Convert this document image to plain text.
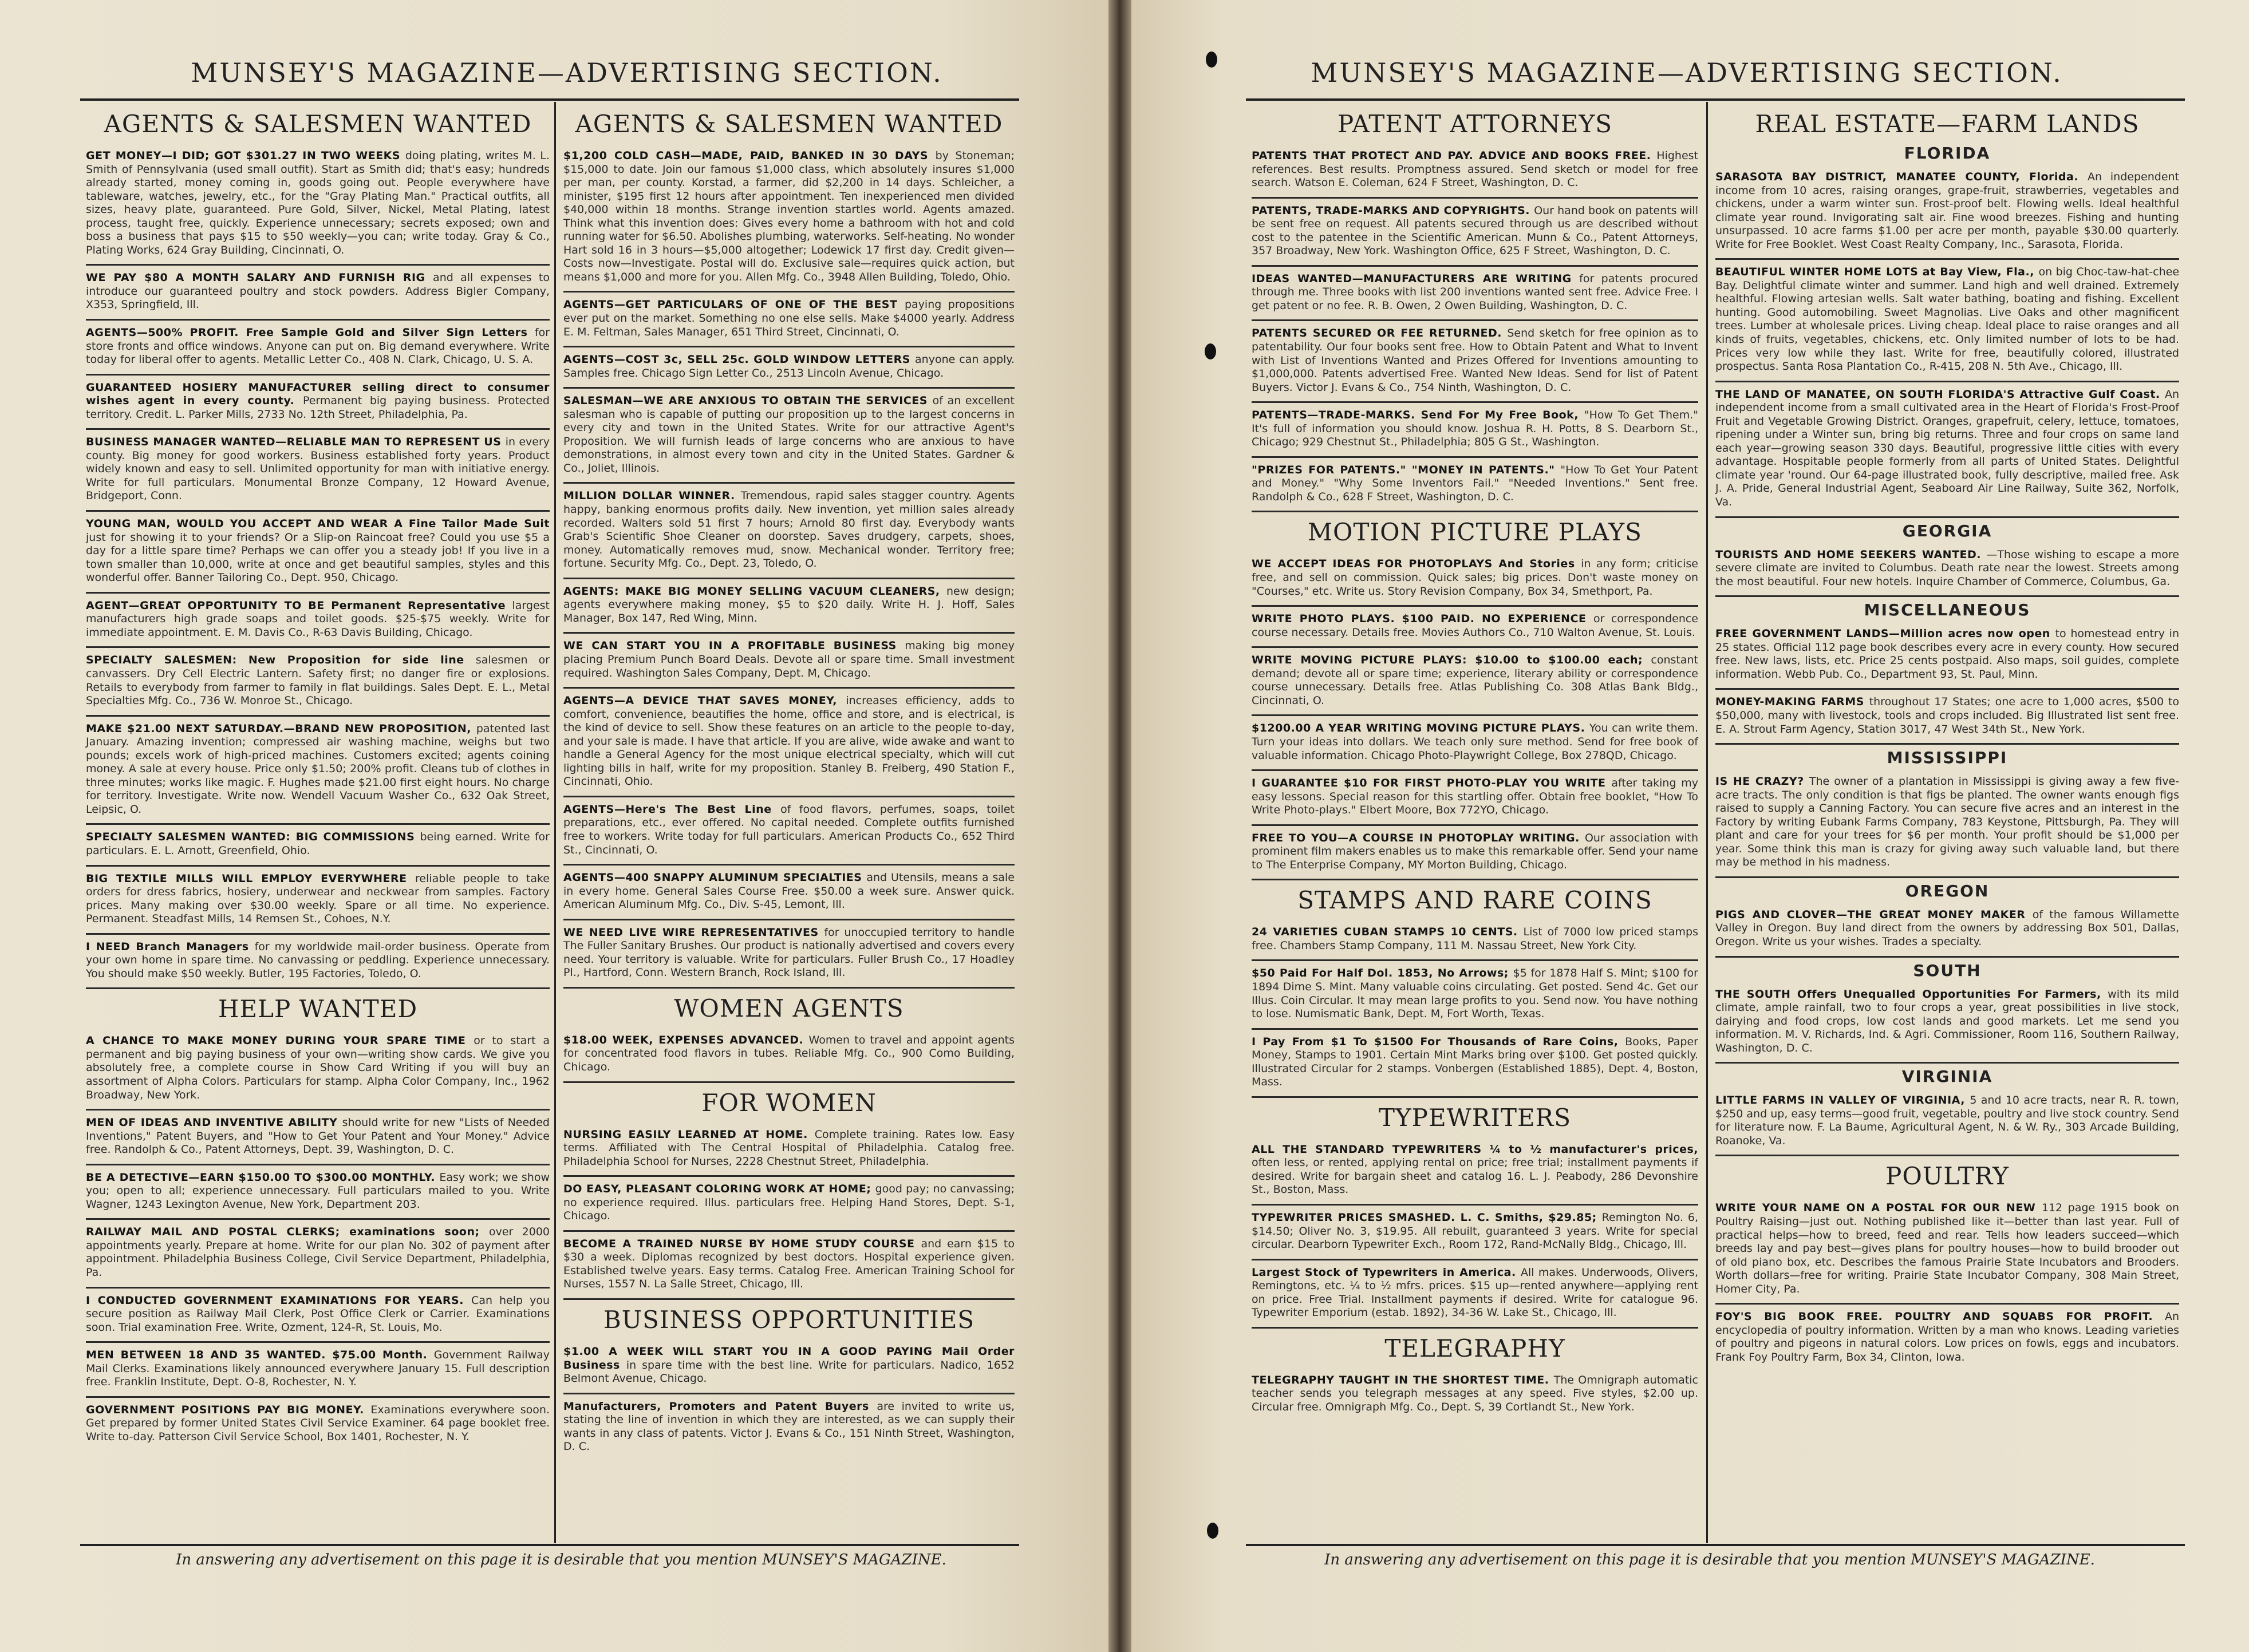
MUNSEY'S MAGAZINE—ADVERTISING SECTION.
AGENTS & SALESMEN WANTED
GET MONEY—I DID; GOT $301.27 IN TWO WEEKS doing plating, writes M. L. Smith of Pennsylvania (used small outfit). Start as Smith did; that's easy; hundreds already started, money coming in, goods going out. People everywhere have tableware, watches, jewelry, etc., for the "Gray Plating Man." Practical outfits, all sizes, heavy plate, guaranteed. Pure Gold, Silver, Nickel, Metal Plating, latest process, taught free, quickly. Experience unnecessary; secrets exposed; own and boss a business that pays $15 to $50 weekly—you can; write today. Gray & Co., Plating Works, 624 Gray Building, Cincinnati, O.
WE PAY $80 A MONTH SALARY AND FURNISH RIG and all expenses to introduce our guaranteed poultry and stock powders. Address Bigler Company, X353, Springfield, Ill.
AGENTS—500% PROFIT. Free Sample Gold and Silver Sign Letters for store fronts and office windows. Anyone can put on. Big demand everywhere. Write today for liberal offer to agents. Metallic Letter Co., 408 N. Clark, Chicago, U. S. A.
GUARANTEED HOSIERY MANUFACTURER selling direct to consumer wishes agent in every county. Permanent big paying business. Protected territory. Credit. L. Parker Mills, 2733 No. 12th Street, Philadelphia, Pa.
BUSINESS MANAGER WANTED—RELIABLE MAN TO REPRESENT US in every county. Big money for good workers. Business established forty years. Product widely known and easy to sell. Unlimited opportunity for man with initiative energy. Write for full particulars. Monumental Bronze Company, 12 Howard Avenue, Bridgeport, Conn.
YOUNG MAN, WOULD YOU ACCEPT AND WEAR A Fine Tailor Made Suit just for showing it to your friends? Or a Slip-on Raincoat free? Could you use $5 a day for a little spare time? Perhaps we can offer you a steady job! If you live in a town smaller than 10,000, write at once and get beautiful samples, styles and this wonderful offer. Banner Tailoring Co., Dept. 950, Chicago.
AGENT—GREAT OPPORTUNITY TO BE Permanent Representative largest manufacturers high grade soaps and toilet goods. $25-$75 weekly. Write for immediate appointment. E. M. Davis Co., R-63 Davis Building, Chicago.
SPECIALTY SALESMEN: New Proposition for side line salesmen or canvassers. Dry Cell Electric Lantern. Safety first; no danger fire or explosions. Retails to everybody from farmer to family in flat buildings. Sales Dept. E. L., Metal Specialties Mfg. Co., 736 W. Monroe St., Chicago.
MAKE $21.00 NEXT SATURDAY.—BRAND NEW PROPOSITION, patented last January. Amazing invention; compressed air washing machine, weighs but two pounds; excels work of high-priced machines. Customers excited; agents coining money. A sale at every house. Price only $1.50; 200% profit. Cleans tub of clothes in three minutes; works like magic. F. Hughes made $21.00 first eight hours. No charge for territory. Investigate. Write now. Wendell Vacuum Washer Co., 632 Oak Street, Leipsic, O.
SPECIALTY SALESMEN WANTED: BIG COMMISSIONS being earned. Write for particulars. E. L. Arnott, Greenfield, Ohio.
BIG TEXTILE MILLS WILL EMPLOY EVERYWHERE reliable people to take orders for dress fabrics, hosiery, underwear and neckwear from samples. Factory prices. Many making over $30.00 weekly. Spare or all time. No experience. Permanent. Steadfast Mills, 14 Remsen St., Cohoes, N.Y.
I NEED Branch Managers for my worldwide mail-order business. Operate from your own home in spare time. No canvassing or peddling. Experience unnecessary. You should make $50 weekly. Butler, 195 Factories, Toledo, O.
HELP WANTED
A CHANCE TO MAKE MONEY DURING YOUR SPARE TIME or to start a permanent and big paying business of your own—writing show cards. We give you absolutely free, a complete course in Show Card Writing if you will buy an assortment of Alpha Colors. Particulars for stamp. Alpha Color Company, Inc., 1962 Broadway, New York.
MEN OF IDEAS AND INVENTIVE ABILITY should write for new "Lists of Needed Inventions," Patent Buyers, and "How to Get Your Patent and Your Money." Advice free. Randolph & Co., Patent Attorneys, Dept. 39, Washington, D. C.
BE A DETECTIVE—EARN $150.00 TO $300.00 MONTHLY. Easy work; we show you; open to all; experience unnecessary. Full particulars mailed to you. Write Wagner, 1243 Lexington Avenue, New York, Department 203.
RAILWAY MAIL AND POSTAL CLERKS; examinations soon; over 2000 appointments yearly. Prepare at home. Write for our plan No. 302 of payment after appointment. Philadelphia Business College, Civil Service Department, Philadelphia, Pa.
I CONDUCTED GOVERNMENT EXAMINATIONS FOR YEARS. Can help you secure position as Railway Mail Clerk, Post Office Clerk or Carrier. Examinations soon. Trial examination Free. Write, Ozment, 124-R, St. Louis, Mo.
MEN BETWEEN 18 AND 35 WANTED. $75.00 Month. Government Railway Mail Clerks. Examinations likely announced everywhere January 15. Full description free. Franklin Institute, Dept. O-8, Rochester, N. Y.
GOVERNMENT POSITIONS PAY BIG MONEY. Examinations everywhere soon. Get prepared by former United States Civil Service Examiner. 64 page booklet free. Write to-day. Patterson Civil Service School, Box 1401, Rochester, N. Y.
AGENTS & SALESMEN WANTED
$1,200 COLD CASH—MADE, PAID, BANKED IN 30 DAYS by Stoneman; $15,000 to date. Join our famous $1,000 class, which absolutely insures $1,000 per man, per county. Korstad, a farmer, did $2,200 in 14 days. Schleicher, a minister, $195 first 12 hours after appointment. Ten inexperienced men divided $40,000 within 18 months. Strange invention startles world. Agents amazed. Think what this invention does: Gives every home a bathroom with hot and cold running water for $6.50. Abolishes plumbing, waterworks. Self-heating. No wonder Hart sold 16 in 3 hours—$5,000 altogether; Lodewick 17 first day. Credit given—Costs now—Investigate. Postal will do. Exclusive sale—requires quick action, but means $1,000 and more for you. Allen Mfg. Co., 3948 Allen Building, Toledo, Ohio.
AGENTS—GET PARTICULARS OF ONE OF THE BEST paying propositions ever put on the market. Something no one else sells. Make $4000 yearly. Address E. M. Feltman, Sales Manager, 651 Third Street, Cincinnati, O.
AGENTS—COST 3c, SELL 25c. GOLD WINDOW LETTERS anyone can apply. Samples free. Chicago Sign Letter Co., 2513 Lincoln Avenue, Chicago.
SALESMAN—WE ARE ANXIOUS TO OBTAIN THE SERVICES of an excellent salesman who is capable of putting our proposition up to the largest concerns in every city and town in the United States. Write for our attractive Agent's Proposition. We will furnish leads of large concerns who are anxious to have demonstrations, in almost every town and city in the United States. Gardner & Co., Joliet, Illinois.
MILLION DOLLAR WINNER. Tremendous, rapid sales stagger country. Agents happy, banking enormous profits daily. New invention, yet million sales already recorded. Walters sold 51 first 7 hours; Arnold 80 first day. Everybody wants Grab's Scientific Shoe Cleaner on doorstep. Saves drudgery, carpets, shoes, money. Automatically removes mud, snow. Mechanical wonder. Territory free; fortune. Security Mfg. Co., Dept. 23, Toledo, O.
AGENTS: MAKE BIG MONEY SELLING VACUUM CLEANERS, new design; agents everywhere making money, $5 to $20 daily. Write H. J. Hoff, Sales Manager, Box 147, Red Wing, Minn.
WE CAN START YOU IN A PROFITABLE BUSINESS making big money placing Premium Punch Board Deals. Devote all or spare time. Small investment required. Washington Sales Company, Dept. M, Chicago.
AGENTS—A DEVICE THAT SAVES MONEY, increases efficiency, adds to comfort, convenience, beautifies the home, office and store, and is electrical, is the kind of device to sell. Show these features on an article to the people to-day, and your sale is made. I have that article. If you are alive, wide awake and want to handle a General Agency for the most unique electrical specialty, which will cut lighting bills in half, write for my proposition. Stanley B. Freiberg, 490 Station F., Cincinnati, Ohio.
AGENTS—Here's The Best Line of food flavors, perfumes, soaps, toilet preparations, etc., ever offered. No capital needed. Complete outfits furnished free to workers. Write today for full particulars. American Products Co., 652 Third St., Cincinnati, O.
AGENTS—400 SNAPPY ALUMINUM SPECIALTIES and Utensils, means a sale in every home. General Sales Course Free. $50.00 a week sure. Answer quick. American Aluminum Mfg. Co., Div. S-45, Lemont, Ill.
WE NEED LIVE WIRE REPRESENTATIVES for unoccupied territory to handle The Fuller Sanitary Brushes. Our product is nationally advertised and covers every need. Your territory is valuable. Write for particulars. Fuller Brush Co., 17 Hoadley Pl., Hartford, Conn. Western Branch, Rock Island, Ill.
WOMEN AGENTS
$18.00 WEEK, EXPENSES ADVANCED. Women to travel and appoint agents for concentrated food flavors in tubes. Reliable Mfg. Co., 900 Como Building, Chicago.
FOR WOMEN
NURSING EASILY LEARNED AT HOME. Complete training. Rates low. Easy terms. Affiliated with The Central Hospital of Philadelphia. Catalog free. Philadelphia School for Nurses, 2228 Chestnut Street, Philadelphia.
DO EASY, PLEASANT COLORING WORK AT HOME; good pay; no canvassing; no experience required. Illus. particulars free. Helping Hand Stores, Dept. S-1, Chicago.
BECOME A TRAINED NURSE BY HOME STUDY COURSE and earn $15 to $30 a week. Diplomas recognized by best doctors. Hospital experience given. Established twelve years. Easy terms. Catalog Free. American Training School for Nurses, 1557 N. La Salle Street, Chicago, Ill.
BUSINESS OPPORTUNITIES
$1.00 A WEEK WILL START YOU IN A GOOD PAYING Mail Order Business in spare time with the best line. Write for particulars. Nadico, 1652 Belmont Avenue, Chicago.
Manufacturers, Promoters and Patent Buyers are invited to write us, stating the line of invention in which they are interested, as we can supply their wants in any class of patents. Victor J. Evans & Co., 151 Ninth Street, Washington, D. C.
In answering any advertisement on this page it is desirable that you mention MUNSEY'S MAGAZINE.
MUNSEY'S MAGAZINE—ADVERTISING SECTION.
PATENT ATTORNEYS
PATENTS THAT PROTECT AND PAY. ADVICE AND BOOKS FREE. Highest references. Best results. Promptness assured. Send sketch or model for free search. Watson E. Coleman, 624 F Street, Washington, D. C.
PATENTS, TRADE-MARKS AND COPYRIGHTS. Our hand book on patents will be sent free on request. All patents secured through us are described without cost to the patentee in the Scientific American. Munn & Co., Patent Attorneys, 357 Broadway, New York. Washington Office, 625 F Street, Washington, D. C.
IDEAS WANTED—MANUFACTURERS ARE WRITING for patents procured through me. Three books with list 200 inventions wanted sent free. Advice Free. I get patent or no fee. R. B. Owen, 2 Owen Building, Washington, D. C.
PATENTS SECURED OR FEE RETURNED. Send sketch for free opinion as to patentability. Our four books sent free. How to Obtain Patent and What to Invent with List of Inventions Wanted and Prizes Offered for Inventions amounting to $1,000,000. Patents advertised Free. Wanted New Ideas. Send for list of Patent Buyers. Victor J. Evans & Co., 754 Ninth, Washington, D. C.
PATENTS—TRADE-MARKS. Send For My Free Book, "How To Get Them." It's full of information you should know. Joshua R. H. Potts, 8 S. Dearborn St., Chicago; 929 Chestnut St., Philadelphia; 805 G St., Washington.
"PRIZES FOR PATENTS." "MONEY IN PATENTS." "How To Get Your Patent and Money." "Why Some Inventors Fail." "Needed Inventions." Sent free. Randolph & Co., 628 F Street, Washington, D. C.
MOTION PICTURE PLAYS
WE ACCEPT IDEAS FOR PHOTOPLAYS And Stories in any form; criticise free, and sell on commission. Quick sales; big prices. Don't waste money on "Courses," etc. Write us. Story Revision Company, Box 34, Smethport, Pa.
WRITE PHOTO PLAYS. $100 PAID. NO EXPERIENCE or correspondence course necessary. Details free. Movies Authors Co., 710 Walton Avenue, St. Louis.
WRITE MOVING PICTURE PLAYS: $10.00 to $100.00 each; constant demand; devote all or spare time; experience, literary ability or correspondence course unnecessary. Details free. Atlas Publishing Co. 308 Atlas Bank Bldg., Cincinnati, O.
$1200.00 A YEAR WRITING MOVING PICTURE PLAYS. You can write them. Turn your ideas into dollars. We teach only sure method. Send for free book of valuable information. Chicago Photo-Playwright College, Box 278QD, Chicago.
I GUARANTEE $10 FOR FIRST PHOTO-PLAY YOU WRITE after taking my easy lessons. Special reason for this startling offer. Obtain free booklet, "How To Write Photo-plays." Elbert Moore, Box 772YO, Chicago.
FREE TO YOU—A COURSE IN PHOTOPLAY WRITING. Our association with prominent film makers enables us to make this remarkable offer. Send your name to The Enterprise Company, MY Morton Building, Chicago.
STAMPS AND RARE COINS
24 VARIETIES CUBAN STAMPS 10 CENTS. List of 7000 low priced stamps free. Chambers Stamp Company, 111 M. Nassau Street, New York City.
$50 Paid For Half Dol. 1853, No Arrows; $5 for 1878 Half S. Mint; $100 for 1894 Dime S. Mint. Many valuable coins circulating. Get posted. Send 4c. Get our Illus. Coin Circular. It may mean large profits to you. Send now. You have nothing to lose. Numismatic Bank, Dept. M, Fort Worth, Texas.
I Pay From $1 To $1500 For Thousands of Rare Coins, Books, Paper Money, Stamps to 1901. Certain Mint Marks bring over $100. Get posted quickly. Illustrated Circular for 2 stamps. Vonbergen (Established 1885), Dept. 4, Boston, Mass.
TYPEWRITERS
ALL THE STANDARD TYPEWRITERS ¼ to ½ manufacturer's prices, often less, or rented, applying rental on price; free trial; installment payments if desired. Write for bargain sheet and catalog 16. L. J. Peabody, 286 Devonshire St., Boston, Mass.
TYPEWRITER PRICES SMASHED. L. C. Smiths, $29.85; Remington No. 6, $14.50; Oliver No. 3, $19.95. All rebuilt, guaranteed 3 years. Write for special circular. Dearborn Typewriter Exch., Room 172, Rand-McNally Bldg., Chicago, Ill.
Largest Stock of Typewriters in America. All makes. Underwoods, Olivers, Remingtons, etc. ¼ to ½ mfrs. prices. $15 up—rented anywhere—applying rent on price. Free Trial. Installment payments if desired. Write for catalogue 96. Typewriter Emporium (estab. 1892), 34-36 W. Lake St., Chicago, Ill.
TELEGRAPHY
TELEGRAPHY TAUGHT IN THE SHORTEST TIME. The Omnigraph automatic teacher sends you telegraph messages at any speed. Five styles, $2.00 up. Circular free. Omnigraph Mfg. Co., Dept. S, 39 Cortlandt St., New York.
REAL ESTATE—FARM LANDS
FLORIDA
SARASOTA BAY DISTRICT, MANATEE COUNTY, Florida. An independent income from 10 acres, raising oranges, grape-fruit, strawberries, vegetables and chickens, under a warm winter sun. Frost-proof belt. Flowing wells. Ideal healthful climate year round. Invigorating salt air. Fine wood breezes. Fishing and hunting unsurpassed. 10 acre farms $1.00 per acre per month, payable $30.00 quarterly. Write for Free Booklet. West Coast Realty Company, Inc., Sarasota, Florida.
BEAUTIFUL WINTER HOME LOTS at Bay View, Fla., on big Choc-taw-hat-chee Bay. Delightful climate winter and summer. Land high and well drained. Extremely healthful. Flowing artesian wells. Salt water bathing, boating and fishing. Excellent hunting. Good automobiling. Sweet Magnolias. Live Oaks and other magnificent trees. Lumber at wholesale prices. Living cheap. Ideal place to raise oranges and all kinds of fruits, vegetables, chickens, etc. Only limited number of lots to be had. Prices very low while they last. Write for free, beautifully colored, illustrated prospectus. Santa Rosa Plantation Co., R-415, 208 N. 5th Ave., Chicago, Ill.
THE LAND OF MANATEE, ON SOUTH FLORIDA'S Attractive Gulf Coast. An independent income from a small cultivated area in the Heart of Florida's Frost-Proof Fruit and Vegetable Growing District. Oranges, grapefruit, celery, lettuce, tomatoes, ripening under a Winter sun, bring big returns. Three and four crops on same land each year—growing season 330 days. Beautiful, progressive little cities with every advantage. Hospitable people formerly from all parts of United States. Delightful climate year 'round. Our 64-page illustrated book, fully descriptive, mailed free. Ask J. A. Pride, General Industrial Agent, Seaboard Air Line Railway, Suite 362, Norfolk, Va.
GEORGIA
TOURISTS AND HOME SEEKERS WANTED. —Those wishing to escape a more severe climate are invited to Columbus. Death rate near the lowest. Streets among the most beautiful. Four new hotels. Inquire Chamber of Commerce, Columbus, Ga.
MISCELLANEOUS
FREE GOVERNMENT LANDS—Million acres now open to homestead entry in 25 states. Official 112 page book describes every acre in every county. How secured free. New laws, lists, etc. Price 25 cents postpaid. Also maps, soil guides, complete information. Webb Pub. Co., Department 93, St. Paul, Minn.
MONEY-MAKING FARMS throughout 17 States; one acre to 1,000 acres, $500 to $50,000, many with livestock, tools and crops included. Big Illustrated list sent free. E. A. Strout Farm Agency, Station 3017, 47 West 34th St., New York.
MISSISSIPPI
IS HE CRAZY? The owner of a plantation in Mississippi is giving away a few five-acre tracts. The only condition is that figs be planted. The owner wants enough figs raised to supply a Canning Factory. You can secure five acres and an interest in the Factory by writing Eubank Farms Company, 783 Keystone, Pittsburgh, Pa. They will plant and care for your trees for $6 per month. Your profit should be $1,000 per year. Some think this man is crazy for giving away such valuable land, but there may be method in his madness.
OREGON
PIGS AND CLOVER—THE GREAT MONEY MAKER of the famous Willamette Valley in Oregon. Buy land direct from the owners by addressing Box 501, Dallas, Oregon. Write us your wishes. Trades a specialty.
SOUTH
THE SOUTH Offers Unequalled Opportunities For Farmers, with its mild climate, ample rainfall, two to four crops a year, great possibilities in live stock, dairying and food crops, low cost lands and good markets. Let me send you information. M. V. Richards, Ind. & Agri. Commissioner, Room 116, Southern Railway, Washington, D. C.
VIRGINIA
LITTLE FARMS IN VALLEY OF VIRGINIA, 5 and 10 acre tracts, near R. R. town, $250 and up, easy terms—good fruit, vegetable, poultry and live stock country. Send for literature now. F. La Baume, Agricultural Agent, N. & W. Ry., 303 Arcade Building, Roanoke, Va.
POULTRY
WRITE YOUR NAME ON A POSTAL FOR OUR NEW 112 page 1915 book on Poultry Raising—just out. Nothing published like it—better than last year. Full of practical helps—how to breed, feed and rear. Tells how leaders succeed—which breeds lay and pay best—gives plans for poultry houses—how to build brooder out of old piano box, etc. Describes the famous Prairie State Incubators and Brooders. Worth dollars—free for writing. Prairie State Incubator Company, 308 Main Street, Homer City, Pa.
FOY'S BIG BOOK FREE. POULTRY AND SQUABS FOR PROFIT. An encyclopedia of poultry information. Written by a man who knows. Leading varieties of poultry and pigeons in natural colors. Low prices on fowls, eggs and incubators. Frank Foy Poultry Farm, Box 34, Clinton, Iowa.
In answering any advertisement on this page it is desirable that you mention MUNSEY'S MAGAZINE.
